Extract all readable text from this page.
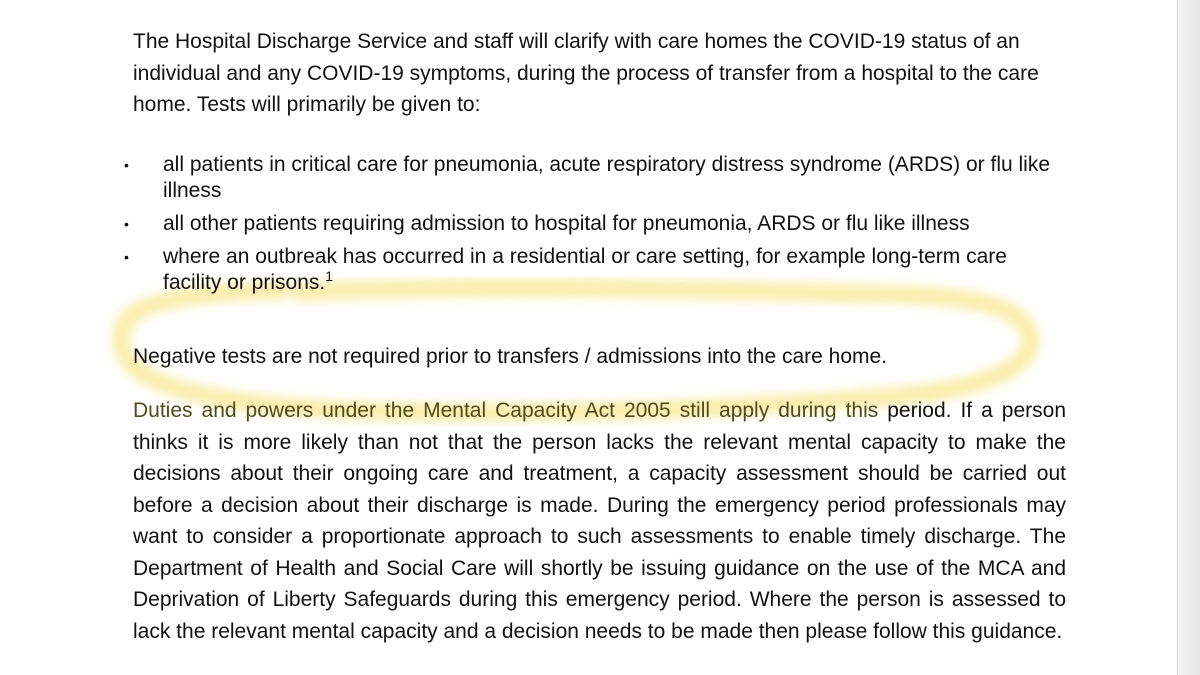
The Hospital Discharge Service and staff will clarify with care homes the COVID-19 status of an individual and any COVID-19 symptoms, during the process of transfer from a hospital to the care home. Tests will primarily be given to:

• all patients in critical care for pneumonia, acute respiratory distress syndrome (ARDS) or flu like illness
• all other patients requiring admission to hospital for pneumonia, ARDS or flu like illness
• where an outbreak has occurred in a residential or care setting, for example long-term care facility or prisons.$^1$

Negative tests are not required prior to transfers / admissions into the care home.

Duties and powers under the Mental Capacity Act 2005 still apply during this period. If a person thinks it is more likely than not that the person lacks the relevant mental capacity to make the decisions about their ongoing care and treatment, a capacity assessment should be carried out before a decision about their discharge is made. During the emergency period professionals may want to consider a proportionate approach to such assessments to enable timely discharge. The Department of Health and Social Care will shortly be issuing guidance on the use of the MCA and Deprivation of Liberty Safeguards during this emergency period. Where the person is assessed to lack the relevant mental capacity and a decision needs to be made then please follow this guidance.
